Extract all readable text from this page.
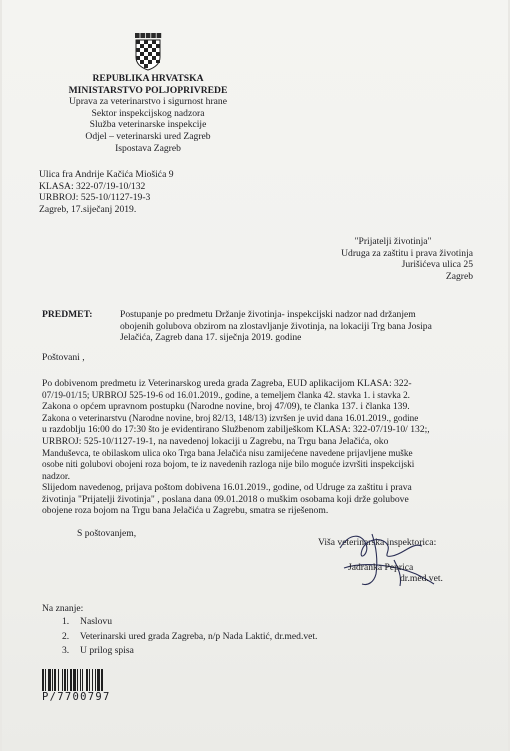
REPUBLIKA HRVATSKA
MINISTARSTVO POLJOPRIVREDE
Uprava za veterinarstvo i sigurnost hrane
Sektor inspekcijskog nadzora
Služba veterinarske inspekcije
Odjel – veterinarski ured Zagreb
Ispostava Zagreb
Ulica fra Andrije Kačića Miošića 9
KLASA: 322-07/19-10/132
URBROJ: 525-10/1127-19-3
Zagreb, 17.siječanj 2019.
"Prijatelji životinja"
Udruga za zaštitu i prava životinja
Jurišićeva ulica 25
Zagreb
PREDMET:	Postupanje po predmetu Držanje životinja- inspekcijski nadzor nad držanjem
obojenih golubova obzirom na zlostavljanje životinja, na lokaciji Trg bana Josipa
Jelačića, Zagreb dana 17. siječnja 2019. godine
Poštovani ,
Po dobivenom predmetu iz Veterinarskog ureda grada Zagreba, EUD aplikacijom KLASA: 322-
07/19-01/15; URBROJ 525-19-6 od 16.01.2019., godine, a temeljem članka 42. stavka 1. i stavka 2.
Zakona o općem upravnom postupku (Narodne novine, broj 47/09), te članka 137. i članka 139.
Zakona o veterinarstvu (Narodne novine, broj 82/13, 148/13) izvršen je uvid dana 16.01.2019., godine
u razdoblju 16:00 do 17:30 što je evidentirano Službenom zabilješkom KLASA: 322-07/19-10/ 132;,
URBROJ: 525-10/1127-19-1, na navedenoj lokaciji u Zagrebu, na Trgu bana Jelačića, oko
Manduševca, te obilaskom ulica oko Trga bana Jelačića nisu zamijećene navedene prijavljene muške
osobe niti golubovi obojeni roza bojom, te iz navedenih razloga nije bilo moguće izvršiti inspekcijski
nadzor.
Slijedom navedenog, prijava poštom dobivena 16.01.2019., godine, od Udruge za zaštitu i prava
životinja "Prijatelji životinja" , poslana dana 09.01.2018 o muškim osobama koji drže golubove
obojene roza bojom na Trgu bana Jelačića u Zagrebu, smatra se riješenom.
S poštovanjem,
Viša veterinarska inspektorica:
Jadranka Peprica
dr.med.vet.
Na znanje:
1. Naslovu
2. Veterinarski ured grada Zagreba, n/p Nada Laktić, dr.med.vet.
3. U prilog spisa
P/7700797
